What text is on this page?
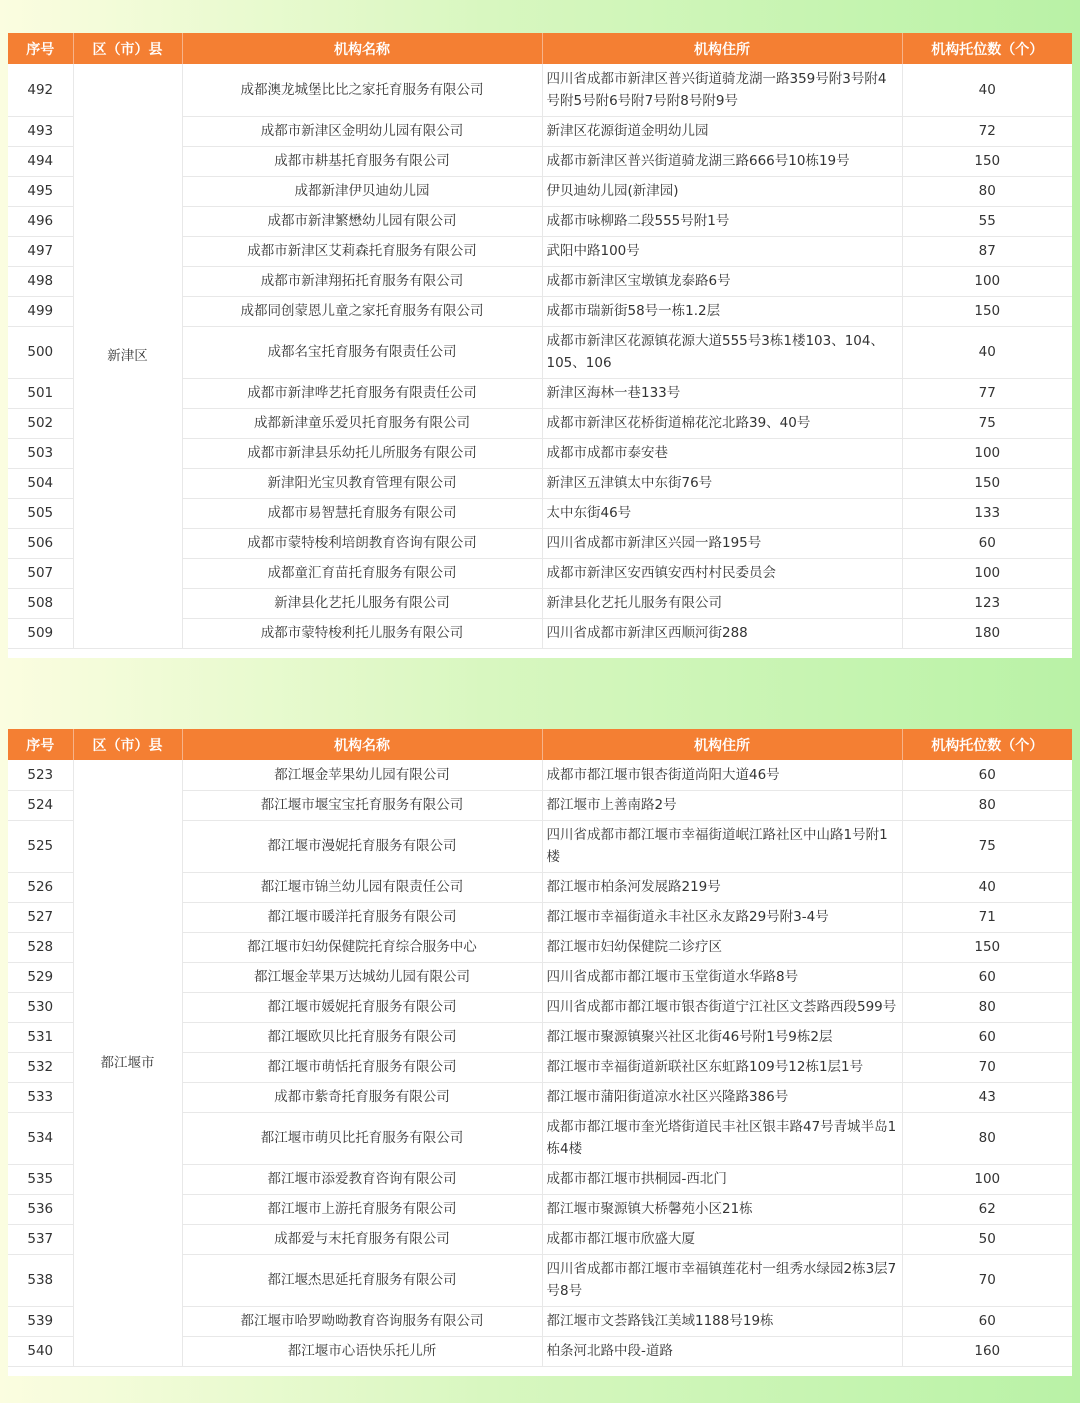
序号	区（市）县	机构名称	机构住所	机构托位数（个）
492	新津区	成都澳龙城堡比比之家托育服务有限公司	四川省成都市新津区普兴街道骑龙湖一路359号附3号附4号附5号附6号附7号附8号附9号	40
493		成都市新津区金明幼儿园有限公司	新津区花源街道金明幼儿园	72
494		成都市耕基托育服务有限公司	成都市新津区普兴街道骑龙湖三路666号10栋19号	150
495		成都新津伊贝迪幼儿园	伊贝迪幼儿园(新津园)	80
496		成都市新津繁懋幼儿园有限公司	成都市咏柳路二段555号附1号	55
497		成都市新津区艾莉森托育服务有限公司	武阳中路100号	87
498		成都市新津翔拓托育服务有限公司	成都市新津区宝墩镇龙泰路6号	100
499		成都同创蒙恩儿童之家托育服务有限公司	成都市瑞新街58号一栋1.2层	150
500		成都名宝托育服务有限责任公司	成都市新津区花源镇花源大道555号3栋1楼103、104、105、106	40
501		成都市新津哗艺托育服务有限责任公司	新津区海林一巷133号	77
502		成都新津童乐爱贝托育服务有限公司	成都市新津区花桥街道棉花沱北路39、40号	75
503		成都市新津县乐幼托儿所服务有限公司	成都市成都市泰安巷	100
504		新津阳光宝贝教育管理有限公司	新津区五津镇太中东街76号	150
505		成都市易智慧托育服务有限公司	太中东街46号	133
506		成都市蒙特梭利培朗教育咨询有限公司	四川省成都市新津区兴园一路195号	60
507		成都童汇育苗托育服务有限公司	成都市新津区安西镇安西村村民委员会	100
508		新津县化艺托儿服务有限公司	新津县化艺托儿服务有限公司	123
509		成都市蒙特梭利托儿服务有限公司	四川省成都市新津区西顺河街288	180
序号	区（市）县	机构名称	机构住所	机构托位数（个）
523	都江堰市	都江堰金苹果幼儿园有限公司	成都市都江堰市银杏街道尚阳大道46号	60
524		都江堰市堰宝宝托育服务有限公司	都江堰市上善南路2号	80
525		都江堰市漫妮托育服务有限公司	四川省成都市都江堰市幸福街道岷江路社区中山路1号附1楼	75
526		都江堰市锦兰幼儿园有限责任公司	都江堰市柏条河发展路219号	40
527		都江堰市暖洋托育服务有限公司	都江堰市幸福街道永丰社区永友路29号附3-4号	71
528		都江堰市妇幼保健院托育综合服务中心	都江堰市妇幼保健院二诊疗区	150
529		都江堰金苹果万达城幼儿园有限公司	四川省成都市都江堰市玉堂街道水华路8号	60
530		都江堰市媛妮托育服务有限公司	四川省成都市都江堰市银杏街道宁江社区文荟路西段599号	80
531		都江堰欧贝比托育服务有限公司	都江堰市聚源镇聚兴社区北街46号附1号9栋2层	60
532		都江堰市萌恬托育服务有限公司	都江堰市幸福街道新联社区东虹路109号12栋1层1号	70
533		成都市紫奇托育服务有限公司	都江堰市蒲阳街道凉水社区兴隆路386号	43
534		都江堰市萌贝比托育服务有限公司	成都市都江堰市奎光塔街道民丰社区银丰路47号青城半岛1栋4楼	80
535		都江堰市添爱教育咨询有限公司	成都市都江堰市拱桐园-西北门	100
536		都江堰市上游托育服务有限公司	都江堰市聚源镇大桥馨苑小区21栋	62
537		成都爱与末托育服务有限公司	成都市都江堰市欣盛大厦	50
538		都江堰杰思延托育服务有限公司	四川省成都市都江堰市幸福镇莲花村一组秀水绿园2栋3层7号8号	70
539		都江堰市哈罗呦呦教育咨询服务有限公司	都江堰市文荟路钱江美域1188号19栋	60
540		都江堰市心语快乐托儿所	柏条河北路中段-道路	160
